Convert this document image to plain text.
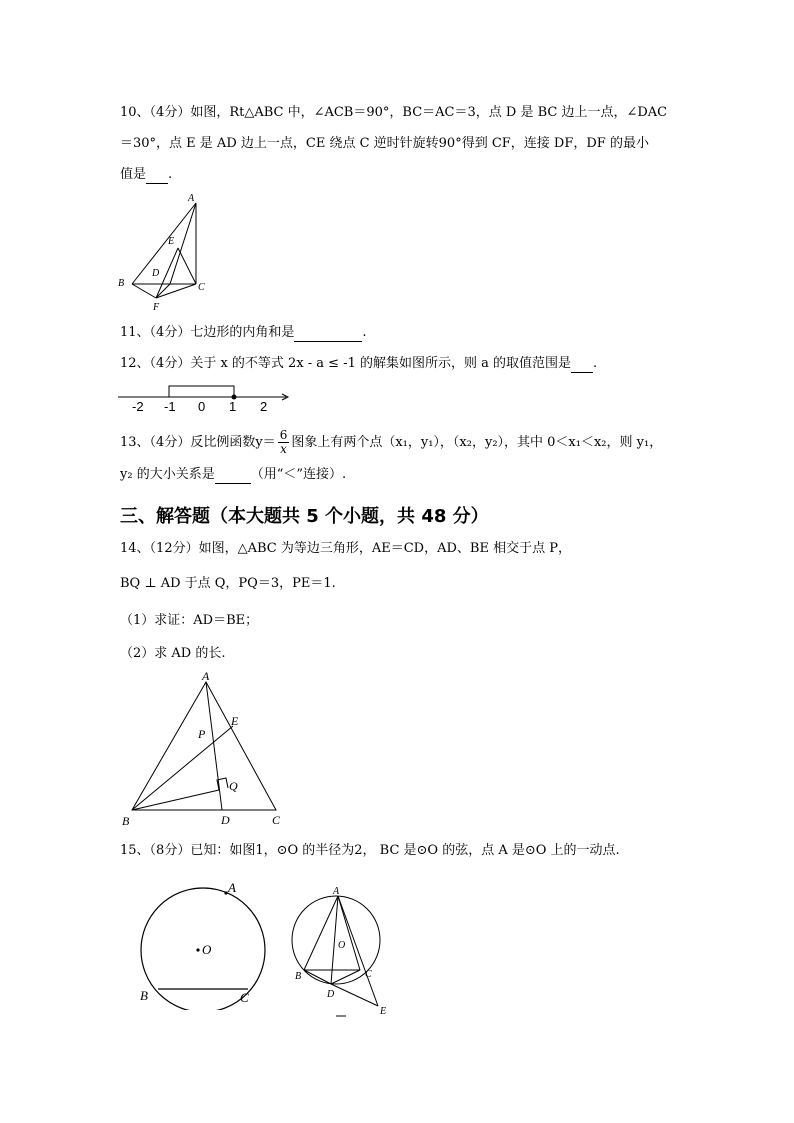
10、（4分）如图，Rt△ABC 中，∠ACB＝90°，BC＝AC＝3，点 D 是 BC 边上一点，∠DAC
＝30°，点 E 是 AD 边上一点，CE 绕点 C 逆时针旋转90°得到 CF，连接 DF，DF 的最小
值是 .
A
E
D
B	C
F
11、（4分）七边形的内角和是	.
12、（4分）关于 x 的不等式 2x - a ≤ -1 的解集如图所示，则 a 的取值范围是 .
-2 -1 0 1 2
13、（4分）反比例函数$y= \frac{6}{x}$ 图象上有两个点（x₁，y₁），（x₂，y₂），其中 0＜x₁＜x₂，则 y₁，
y₂ 的大小关系是	（用“＜”连接）.
三、解答题（本大题共 5 个小题，共 48 分）
14、（12分）如图，△ABC 为等边三角形，AE＝CD，AD、BE 相交于点 P，
BQ ⊥ AD 于点 Q，PQ＝3，PE＝1.
（1）求证：AD＝BE；
（2）求 AD 的长.
A
E
P
Q
B	D	C
15、（8分）已知：如图1，⊙O 的半径为2， BC 是⊙O 的弦，点 A 是⊙O 上的一动点.
A
O
B	C
A
O
B	C
D
E
